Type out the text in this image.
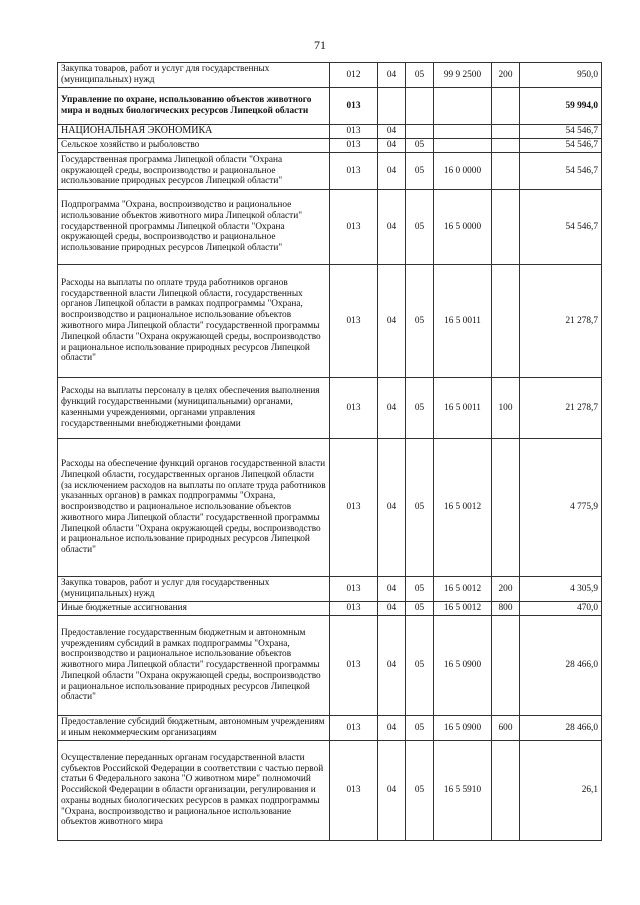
71
Закупка товаров, работ и услуг для государственных (муниципальных) нужд	012	04	05	99 9 2500	200	950,0
Управление по охране, использованию объектов животного мира и водных биологических ресурсов Липецкой области	013					59 994,0
НАЦИОНАЛЬНАЯ ЭКОНОМИКА	013	04				54 546,7
Сельское хозяйство и рыболовство	013	04	05			54 546,7
Государственная программа Липецкой области "Охрана окружающей среды, воспроизводство и рациональное использование природных ресурсов Липецкой области"	013	04	05	16 0 0000		54 546,7
Подпрограмма "Охрана, воспроизводство и рациональное использование объектов животного мира Липецкой области" государственной программы Липецкой области "Охрана окружающей среды, воспроизводство и рациональное использование природных ресурсов Липецкой области"	013	04	05	16 5 0000		54 546,7
Расходы на выплаты по оплате труда работников органов государственной власти Липецкой области, государственных органов Липецкой области в рамках подпрограммы "Охрана, воспроизводство и рациональное использование объектов животного мира Липецкой области" государственной программы Липецкой области "Охрана окружающей среды, воспроизводство и рациональное использование природных ресурсов Липецкой области"	013	04	05	16 5 0011		21 278,7
Расходы на выплаты персоналу в целях обеспечения выполнения функций государственными (муниципальными) органами, казенными учреждениями, органами управления государственными внебюджетными фондами	013	04	05	16 5 0011	100	21 278,7
Расходы на обеспечение функций органов государственной власти Липецкой области, государственных органов Липецкой области (за исключением расходов на выплаты по оплате труда работников указанных органов) в рамках подпрограммы "Охрана, воспроизводство и рациональное использование объектов животного мира Липецкой области" государственной программы Липецкой области "Охрана окружающей среды, воспроизводство и рациональное использование природных ресурсов Липецкой области"	013	04	05	16 5 0012		4 775,9
Закупка товаров, работ и услуг для государственных (муниципальных) нужд	013	04	05	16 5 0012	200	4 305,9
Иные бюджетные ассигнования	013	04	05	16 5 0012	800	470,0
Предоставление государственным бюджетным и автономным учреждениям субсидий в рамках подпрограммы "Охрана, воспроизводство и рациональное использование объектов животного мира Липецкой области" государственной программы Липецкой области "Охрана окружающей среды, воспроизводство и рациональное использование природных ресурсов Липецкой области"	013	04	05	16 5 0900		28 466,0
Предоставление субсидий бюджетным, автономным учреждениям и иным некоммерческим организациям	013	04	05	16 5 0900	600	28 466,0
Осуществление переданных органам государственной власти субъектов Российской Федерации в соответствии с частью первой статьи 6 Федерального закона "О животном мире" полномочий Российской Федерации в области организации, регулирования и охраны водных биологических ресурсов в рамках подпрограммы "Охрана, воспроизводство и рациональное использование объектов животного мира	013	04	05	16 5 5910		26,1
